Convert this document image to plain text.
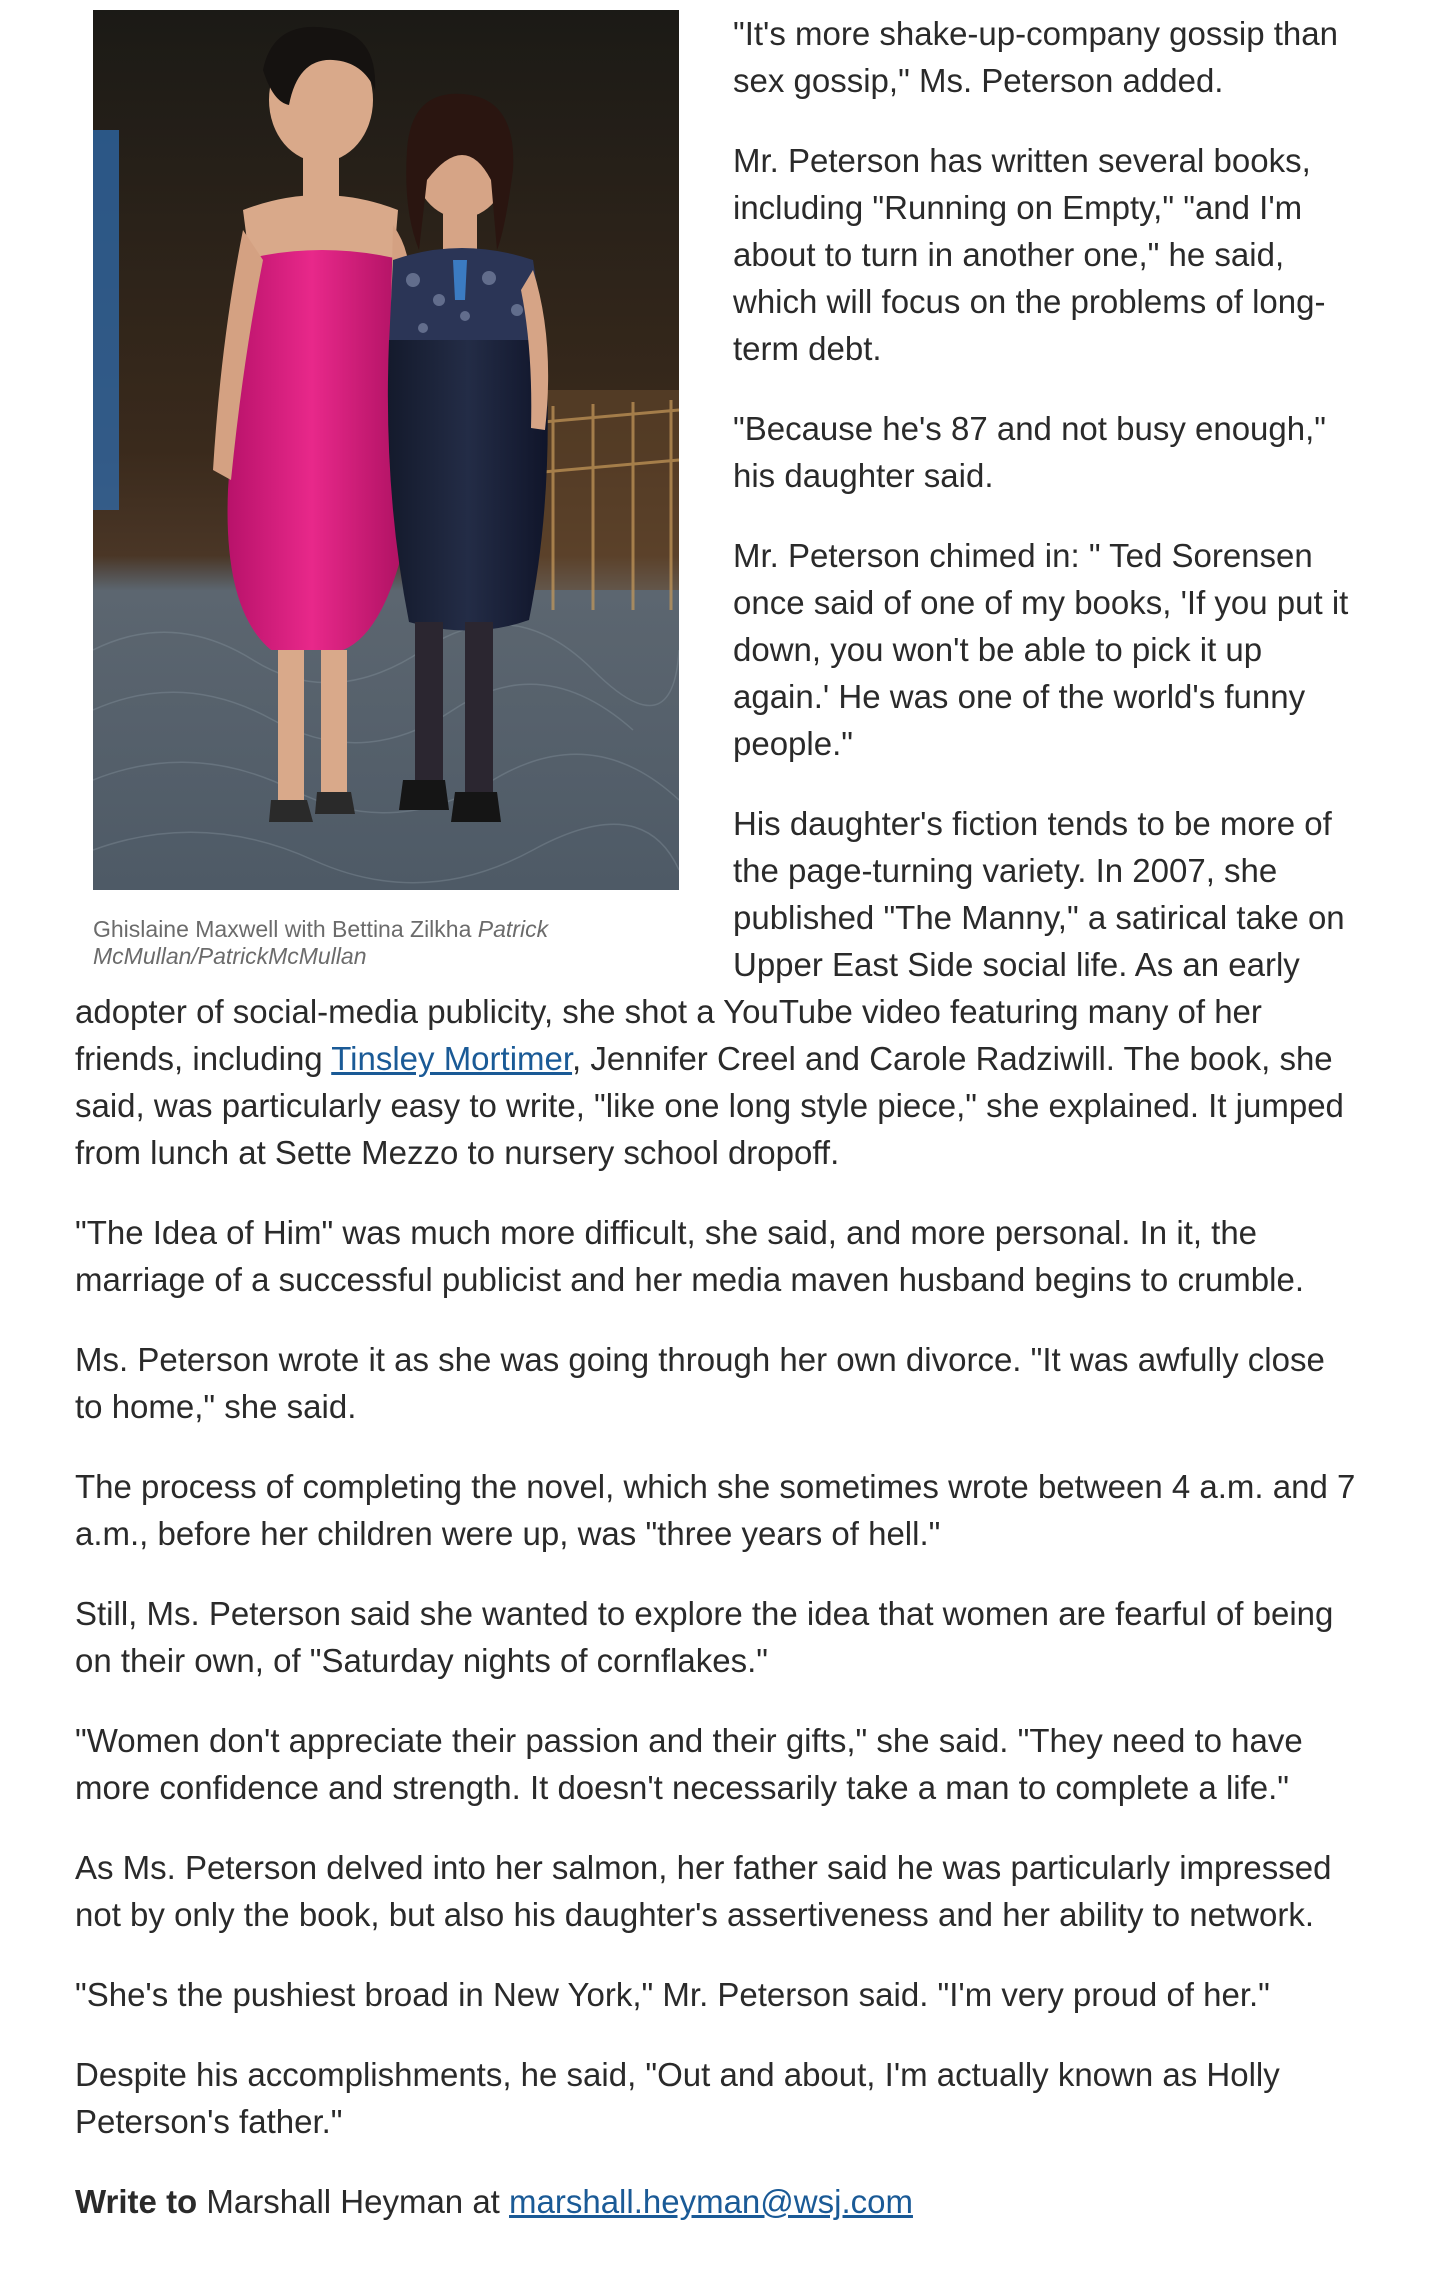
Ghislaine Maxwell with Bettina Zilkha Patrick McMullan/PatrickMcMullan

"It's more shake-up-company gossip than sex gossip," Ms. Peterson added.

Mr. Peterson has written several books, including "Running on Empty," "and I'm about to turn in another one," he said, which will focus on the problems of long-term debt.

"Because he's 87 and not busy enough," his daughter said.

Mr. Peterson chimed in: " Ted Sorensen once said of one of my books, 'If you put it down, you won't be able to pick it up again.' He was one of the world's funny people."

His daughter's fiction tends to be more of the page-turning variety. In 2007, she published "The Manny," a satirical take on Upper East Side social life. As an early adopter of social-media publicity, she shot a YouTube video featuring many of her friends, including Tinsley Mortimer, Jennifer Creel and Carole Radziwill. The book, she said, was particularly easy to write, "like one long style piece," she explained. It jumped from lunch at Sette Mezzo to nursery school dropoff.

"The Idea of Him" was much more difficult, she said, and more personal. In it, the marriage of a successful publicist and her media maven husband begins to crumble.

Ms. Peterson wrote it as she was going through her own divorce. "It was awfully close to home," she said.

The process of completing the novel, which she sometimes wrote between 4 a.m. and 7 a.m., before her children were up, was "three years of hell."

Still, Ms. Peterson said she wanted to explore the idea that women are fearful of being on their own, of "Saturday nights of cornflakes."

"Women don't appreciate their passion and their gifts," she said. "They need to have more confidence and strength. It doesn't necessarily take a man to complete a life."

As Ms. Peterson delved into her salmon, her father said he was particularly impressed not by only the book, but also his daughter's assertiveness and her ability to network.

"She's the pushiest broad in New York," Mr. Peterson said. "I'm very proud of her."

Despite his accomplishments, he said, "Out and about, I'm actually known as Holly Peterson's father."

Write to Marshall Heyman at marshall.heyman@wsj.com
